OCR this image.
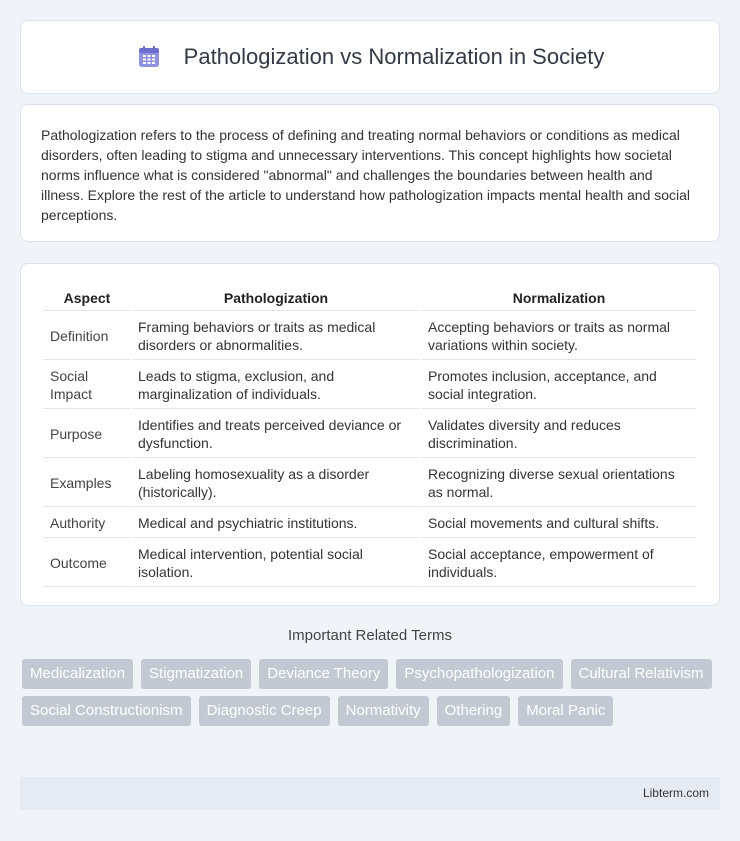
Pathologization vs Normalization in Society

Pathologization refers to the process of defining and treating normal behaviors or conditions as medical disorders, often leading to stigma and unnecessary interventions. This concept highlights how societal norms influence what is considered "abnormal" and challenges the boundaries between health and illness. Explore the rest of the article to understand how pathologization impacts mental health and social perceptions.

Aspect	Pathologization	Normalization
Definition	Framing behaviors or traits as medical disorders or abnormalities.	Accepting behaviors or traits as normal variations within society.
Social Impact	Leads to stigma, exclusion, and marginalization of individuals.	Promotes inclusion, acceptance, and social integration.
Purpose	Identifies and treats perceived deviance or dysfunction.	Validates diversity and reduces discrimination.
Examples	Labeling homosexuality as a disorder (historically).	Recognizing diverse sexual orientations as normal.
Authority	Medical and psychiatric institutions.	Social movements and cultural shifts.
Outcome	Medical intervention, potential social isolation.	Social acceptance, empowerment of individuals.
Important Related Terms
Medicalization	Stigmatization	Deviance Theory	Psychopathologization	Cultural Relativism
Social Constructionism	Diagnostic Creep	Normativity	Othering	Moral Panic
Libterm.com
